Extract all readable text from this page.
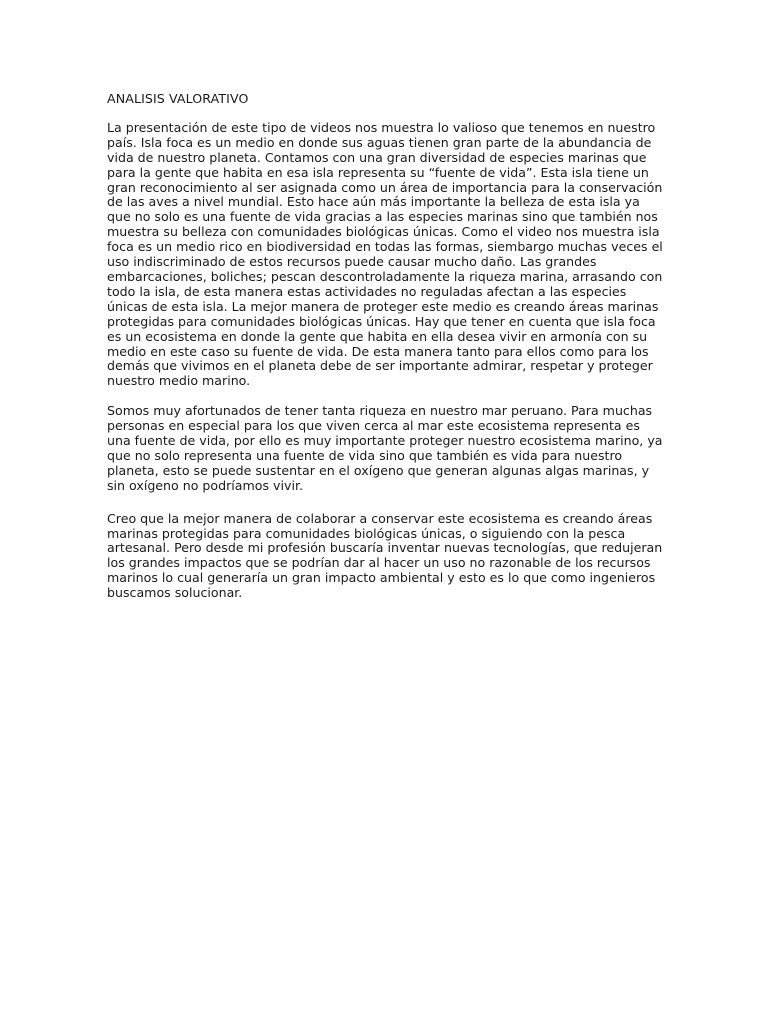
ANALISIS VALORATIVO

La presentación de este tipo de videos nos muestra lo valioso que tenemos en nuestro
país. Isla foca es un medio en donde sus aguas tienen gran parte de la abundancia de
vida de nuestro planeta. Contamos con una gran diversidad de especies marinas que
para la gente que habita en esa isla representa su “fuente de vida”. Esta isla tiene un
gran reconocimiento al ser asignada como un área de importancia para la conservación
de las aves a nivel mundial. Esto hace aún más importante la belleza de esta isla ya
que no solo es una fuente de vida gracias a las especies marinas sino que también nos
muestra su belleza con comunidades biológicas únicas. Como el video nos muestra isla
foca es un medio rico en biodiversidad en todas las formas, siembargo muchas veces el
uso indiscriminado de estos recursos puede causar mucho daño. Las grandes
embarcaciones, boliches; pescan descontroladamente la riqueza marina, arrasando con
todo la isla, de esta manera estas actividades no reguladas afectan a las especies
únicas de esta isla. La mejor manera de proteger este medio es creando áreas marinas
protegidas para comunidades biológicas únicas. Hay que tener en cuenta que isla foca
es un ecosistema en donde la gente que habita en ella desea vivir en armonía con su
medio en este caso su fuente de vida. De esta manera tanto para ellos como para los
demás que vivimos en el planeta debe de ser importante admirar, respetar y proteger
nuestro medio marino.

Somos muy afortunados de tener tanta riqueza en nuestro mar peruano. Para muchas
personas en especial para los que viven cerca al mar este ecosistema representa es
una fuente de vida, por ello es muy importante proteger nuestro ecosistema marino, ya
que no solo representa una fuente de vida sino que también es vida para nuestro
planeta, esto se puede sustentar en el oxígeno que generan algunas algas marinas, y
sin oxígeno no podríamos vivir.

Creo que la mejor manera de colaborar a conservar este ecosistema es creando áreas
marinas protegidas para comunidades biológicas únicas, o siguiendo con la pesca
artesanal. Pero desde mi profesión buscaría inventar nuevas tecnologías, que redujeran
los grandes impactos que se podrían dar al hacer un uso no razonable de los recursos
marinos lo cual generaría un gran impacto ambiental y esto es lo que como ingenieros
buscamos solucionar.
